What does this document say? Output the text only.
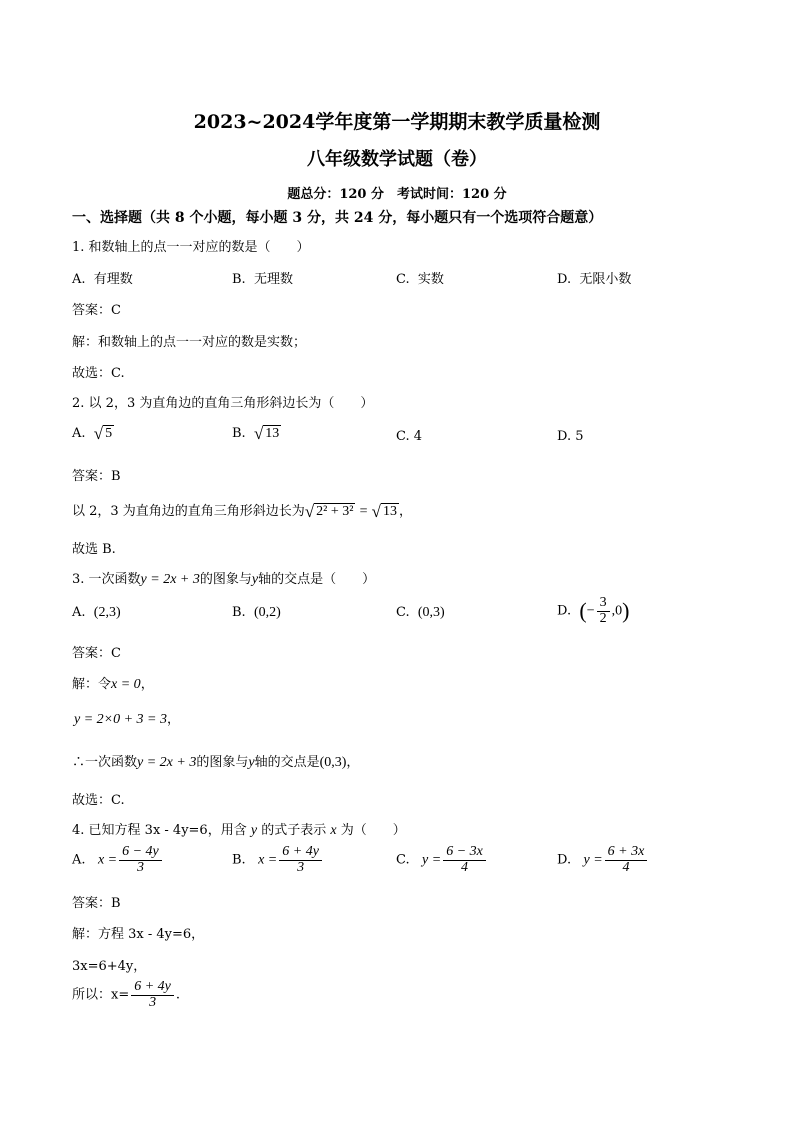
2023~2024学年度第一学期期末教学质量检测
八年级数学试题（卷）
题总分：120 分　考试时间：120 分
一、选择题（共 8 个小题，每小题 3 分，共 24 分，每小题只有一个选项符合题意）
1. 和数轴上的点一一对应的数是（　　）
A. 有理数	B. 无理数	C. 实数	D. 无限小数
答案：C
解：和数轴上的点一一对应的数是实数；
故选：C.
2. 以 2，3 为直角边的直角三角形斜边长为（　　）
A. √ 5	B. √ 13	C. 4	D. 5
答案：B
以 2，3 为直角边的直角三角形斜边长为 √ 2² + 3² = √ 13 ，
故选 B.
3. 一次函数y = 2x + 3的图象与y轴的交点是（　　）
A. (2,3)	B. (0,2)	C. (0,3)	D. (− $\frac{3}{2} ,0$)
答案：C
解：令x = 0，
y = 2×0 + 3 = 3，
∴一次函数y = 2x + 3的图象与y轴的交点是(0,3)，
故选：C.
4. 已知方程 3x - 4y=6，用含 y 的式子表示 x 为（　　）
A. $x = \frac{6 - 4y}{3}$	B. $x = \frac{6 + 4y}{3}$	C. $y = \frac{6 - 3x}{4}$	D. $y = \frac{6 + 3x}{4}$
答案：B
解：方程 3x - 4y=6，
3x=6+4y，
所以：$x= \frac{6 + 4y}{3}$ .
